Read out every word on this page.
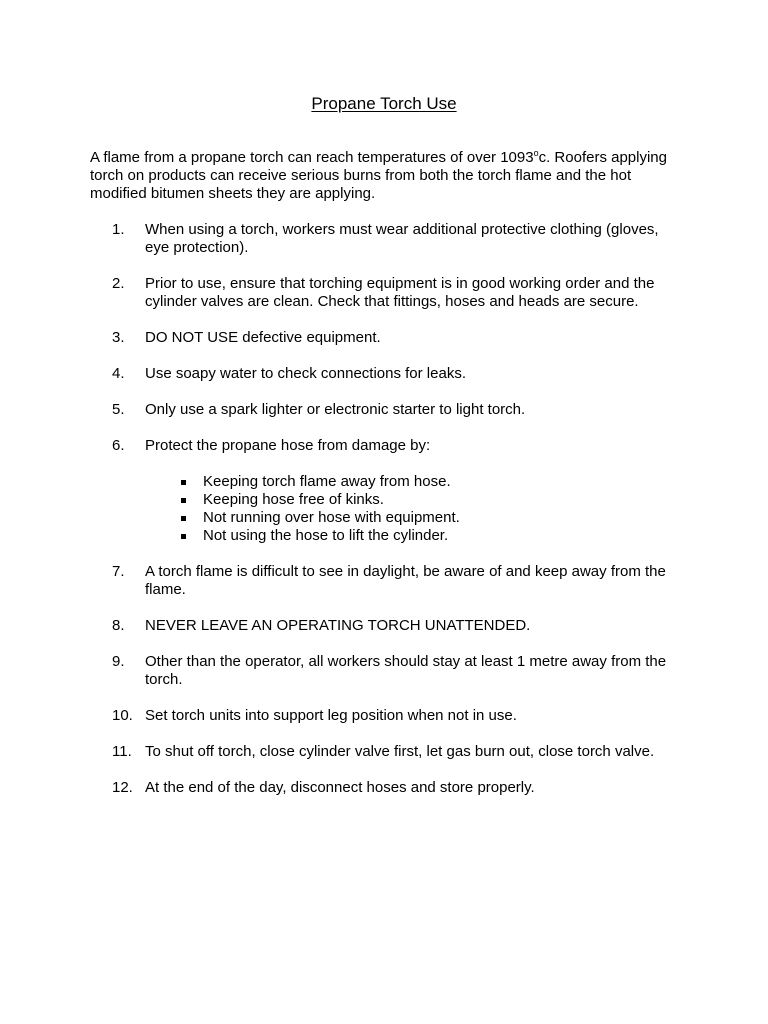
Propane Torch Use

A flame from a propane torch can reach temperatures of over 1093$^o$c. Roofers applying torch on products can receive serious burns from both the torch flame and the hot modified bitumen sheets they are applying.

1. When using a torch, workers must wear additional protective clothing (gloves, eye protection).
2. Prior to use, ensure that torching equipment is in good working order and the cylinder valves are clean. Check that fittings, hoses and heads are secure.
3. DO NOT USE defective equipment.
4. Use soapy water to check connections for leaks.
5. Only use a spark lighter or electronic starter to light torch.
6. Protect the propane hose from damage by:
Keeping torch flame away from hose.
Keeping hose free of kinks.
Not running over hose with equipment.
Not using the hose to lift the cylinder.
7. A torch flame is difficult to see in daylight, be aware of and keep away from the flame.
8. NEVER LEAVE AN OPERATING TORCH UNATTENDED.
9. Other than the operator, all workers should stay at least 1 metre away from the torch.
10. Set torch units into support leg position when not in use.
11. To shut off torch, close cylinder valve first, let gas burn out, close torch valve.
12. At the end of the day, disconnect hoses and store properly.
